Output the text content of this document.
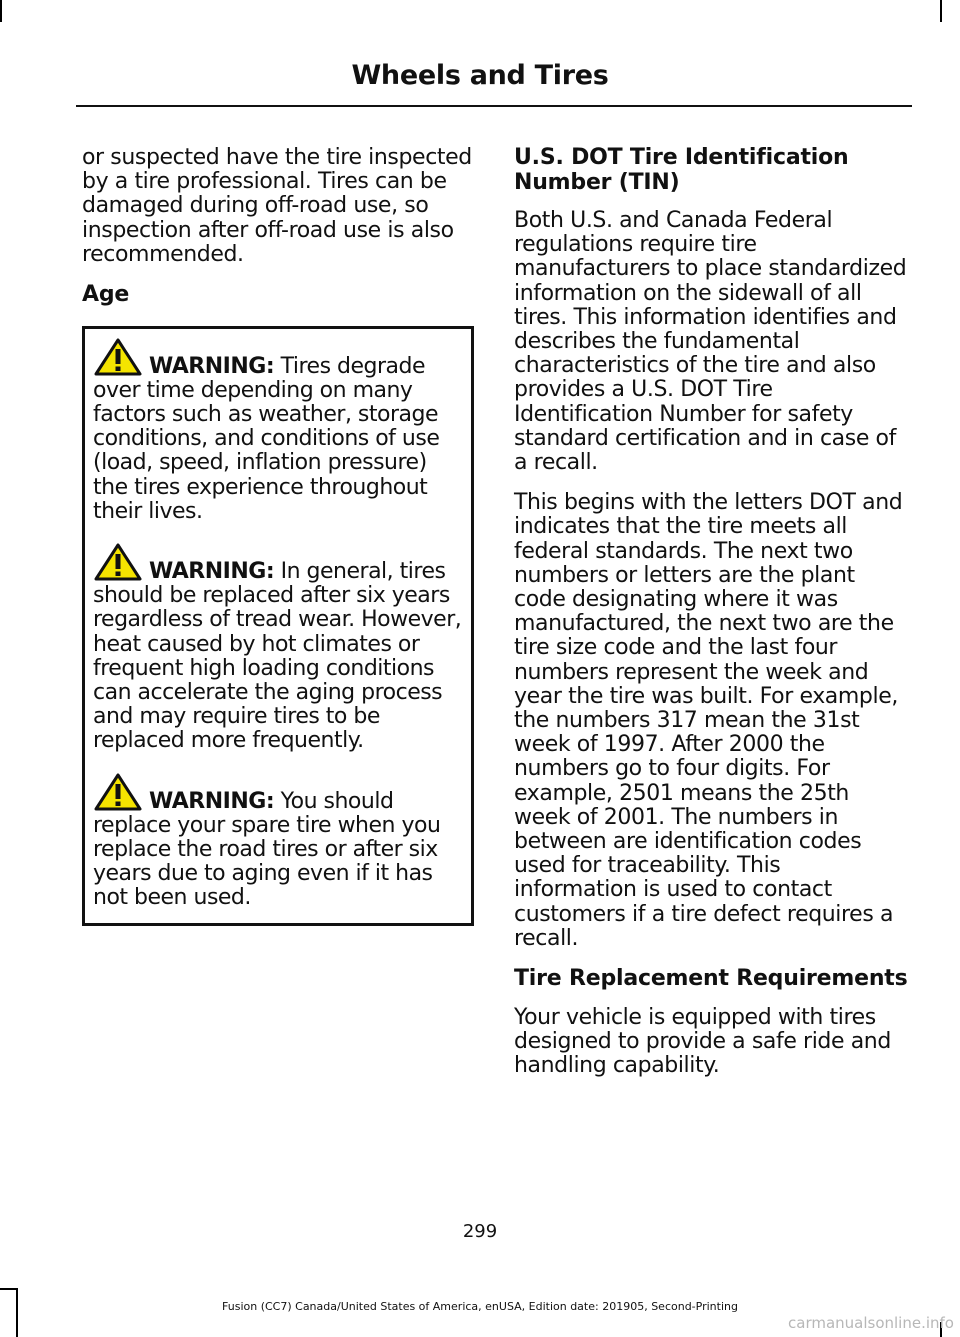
Wheels and Tires

or suspected have the tire inspected by a tire professional. Tires can be damaged during off-road use, so inspection after off-road use is also recommended.

Age
WARNING: Tires degrade over time depending on many factors such as weather, storage conditions, and conditions of use (load, speed, inflation pressure) the tires experience throughout their lives.
WARNING: In general, tires should be replaced after six years regardless of tread wear. However, heat caused by hot climates or frequent high loading conditions can accelerate the aging process and may require tires to be replaced more frequently.
WARNING: You should replace your spare tire when you replace the road tires or after six years due to aging even if it has not been used.
U.S. DOT Tire Identification Number (TIN)

Both U.S. and Canada Federal regulations require tire manufacturers to place standardized information on the sidewall of all tires. This information identifies and describes the fundamental characteristics of the tire and also provides a U.S. DOT Tire Identification Number for safety standard certification and in case of a recall.

This begins with the letters DOT and indicates that the tire meets all federal standards. The next two numbers or letters are the plant code designating where it was manufactured, the next two are the tire size code and the last four numbers represent the week and year the tire was built. For example, the numbers 317 mean the 31st week of 1997. After 2000 the numbers go to four digits. For example, 2501 means the 25th week of 2001. The numbers in between are identification codes used for traceability. This information is used to contact customers if a tire defect requires a recall.

Tire Replacement Requirements

Your vehicle is equipped with tires designed to provide a safe ride and handling capability.

299
Fusion (CC7) Canada/United States of America, enUSA, Edition date: 201905, Second-Printing
carmanualsonline.info
